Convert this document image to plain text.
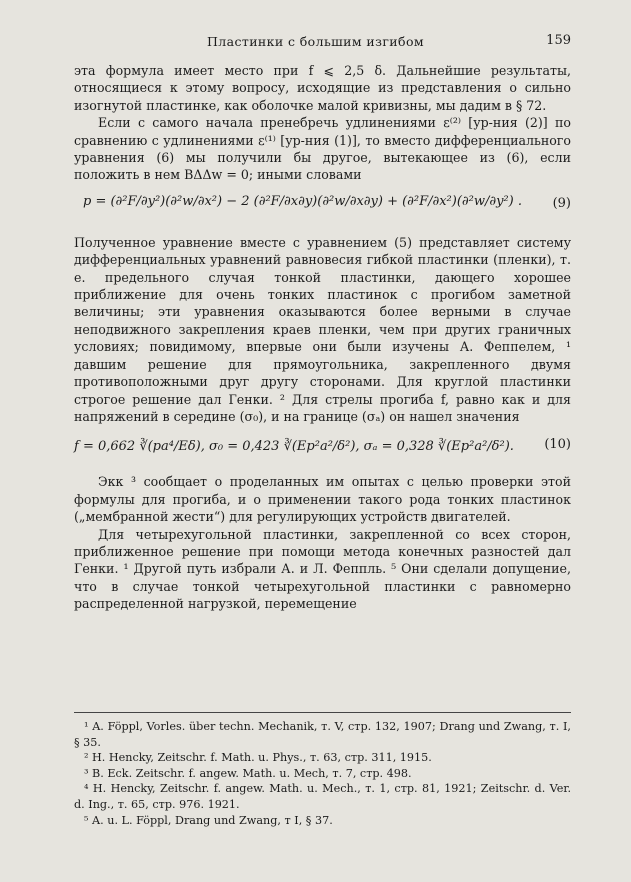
Пластинки с большим изгибом	159

эта формула имеет место при f ⩽ 2,5 δ. Дальнейшие результаты, относящиеся к этому вопросу, исходящие из представления о сильно изогнутой пластинке, как оболочке малой кривизны, мы дадим в § 72.

Если с самого начала пренебречь удлинениями ε⁽²⁾ [ур-ния (2)] по сравнению с удлинениями ε⁽¹⁾ [ур-ния (1)], то вместо дифференциального уравнения (6) мы получили бы другое, вытекающее из (6), если положить в нем BΔΔw = 0; иными словами

p = (∂²F/∂y²)(∂²w/∂x²) − 2 (∂²F/∂x∂y)(∂²w/∂x∂y) + (∂²F/∂x²)(∂²w/∂y²) .	(9)

Полученное уравнение вместе с уравнением (5) представляет систему дифференциальных уравнений равновесия гибкой пластинки (пленки), т. е. предельного случая тонкой пластинки, дающего хорошее приближение для очень тонких пластинок с прогибом заметной величины; эти уравнения оказываются более верными в случае неподвижного закрепления краев пленки, чем при других граничных условиях; повидимому, впервые они были изучены А. Феппелем, ¹ давшим решение для прямоугольника, закрепленного двумя противоположными друг другу сторонами. Для круглой пластинки строгое решение дал Генки. ² Для стрелы прогиба f, равно как и для напряжений в середине (σ₀), и на границе (σₐ) он нашел значения

f = 0,662 ∛(pa⁴/Eδ), σ₀ = 0,423 ∛(Ep²a²/δ²), σₐ = 0,328 ∛(Ep²a²/δ²).	(10)

Экк ³ сообщает о проделанных им опытах с целью проверки этой формулы для прогиба, и о применении такого рода тонких пластинок („мембранной жести“) для регулирующих устройств двигателей.

Для четырехугольной пластинки, закрепленной со всех сторон, приближенное решение при помощи метода конечных разностей дал Генки. ¹ Другой путь избрали А. и Л. Феппль. ⁵ Они сделали допущение, что в случае тонкой четырехугольной пластинки с равномерно распределенной нагрузкой, перемещение

¹ A. Föppl, Vorles. über techn. Mechanik, т. V, стр. 132, 1907; Drang und Zwang, т. I, § 35.

² H. Hencky, Zeitschr. f. Math. u. Phys., т. 63, стр. 311, 1915.

³ B. Eck. Zeitschr. f. angew. Math. u. Mech, т. 7, стр. 498.

⁴ H. Hencky, Zeitschr. f. angew. Math. u. Mech., т. 1, стр. 81, 1921; Zeitschr. d. Ver. d. Ing., т. 65, стр. 976. 1921.

⁵ A. u. L. Föppl, Drang und Zwang, т I, § 37.
